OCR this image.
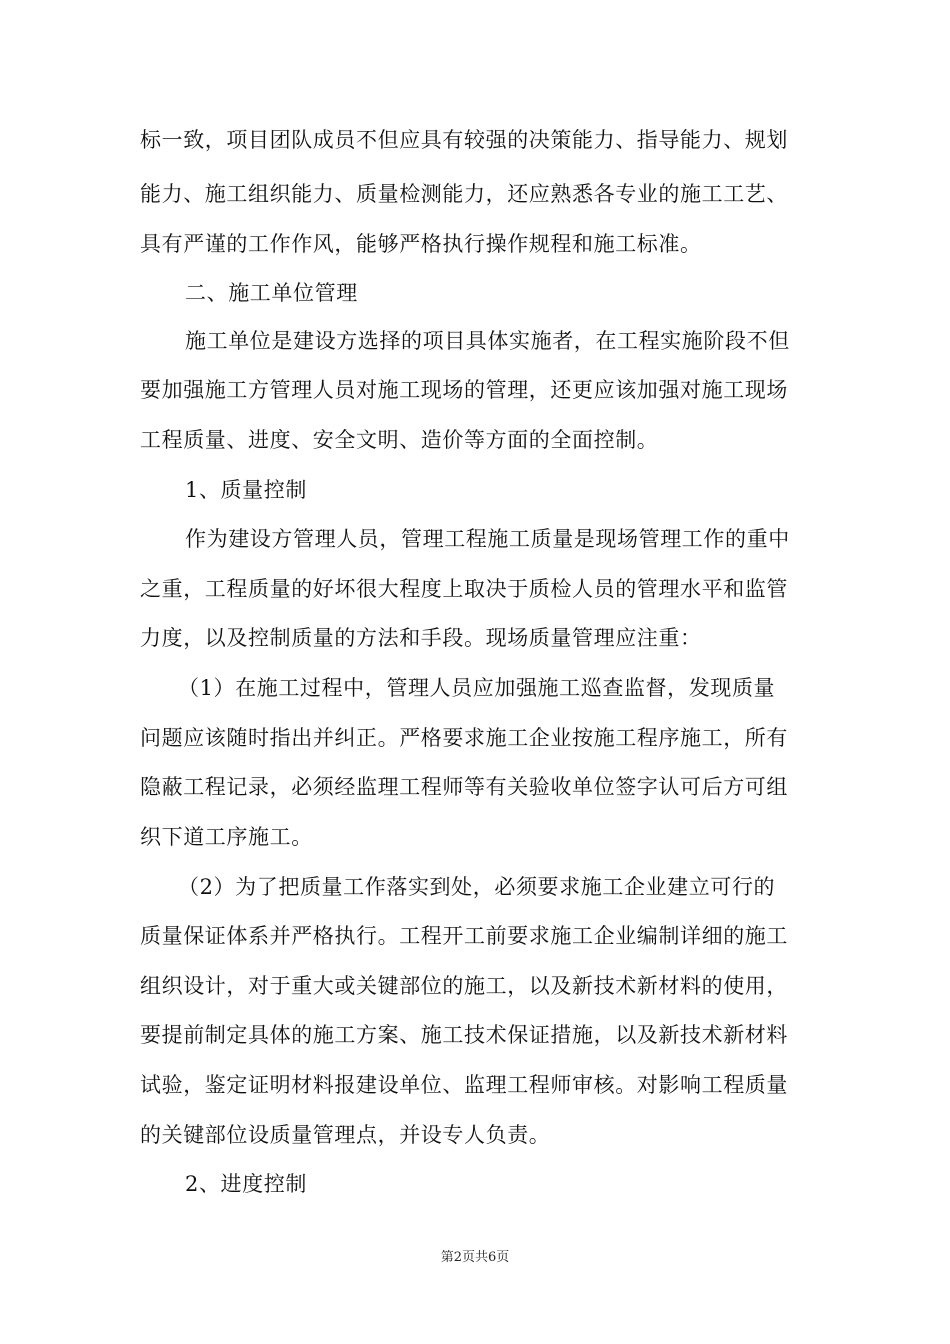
标一致，项目团队成员不但应具有较强的决策能力、指导能力、规划
能力、施工组织能力、质量检测能力，还应熟悉各专业的施工工艺、
具有严谨的工作作风，能够严格执行操作规程和施工标准。
二、施工单位管理
施工单位是建设方选择的项目具体实施者，在工程实施阶段不但
要加强施工方管理人员对施工现场的管理，还更应该加强对施工现场
工程质量、进度、安全文明、造价等方面的全面控制。
1、质量控制
作为建设方管理人员，管理工程施工质量是现场管理工作的重中
之重，工程质量的好坏很大程度上取决于质检人员的管理水平和监管
力度，以及控制质量的方法和手段。现场质量管理应注重：
（1）在施工过程中，管理人员应加强施工巡查监督，发现质量
问题应该随时指出并纠正。严格要求施工企业按施工程序施工，所有
隐蔽工程记录，必须经监理工程师等有关验收单位签字认可后方可组
织下道工序施工。
（2）为了把质量工作落实到处，必须要求施工企业建立可行的
质量保证体系并严格执行。工程开工前要求施工企业编制详细的施工
组织设计，对于重大或关键部位的施工，以及新技术新材料的使用，
要提前制定具体的施工方案、施工技术保证措施，以及新技术新材料
试验，鉴定证明材料报建设单位、监理工程师审核。对影响工程质量
的关键部位设质量管理点，并设专人负责。
2、进度控制
第2页共6页
